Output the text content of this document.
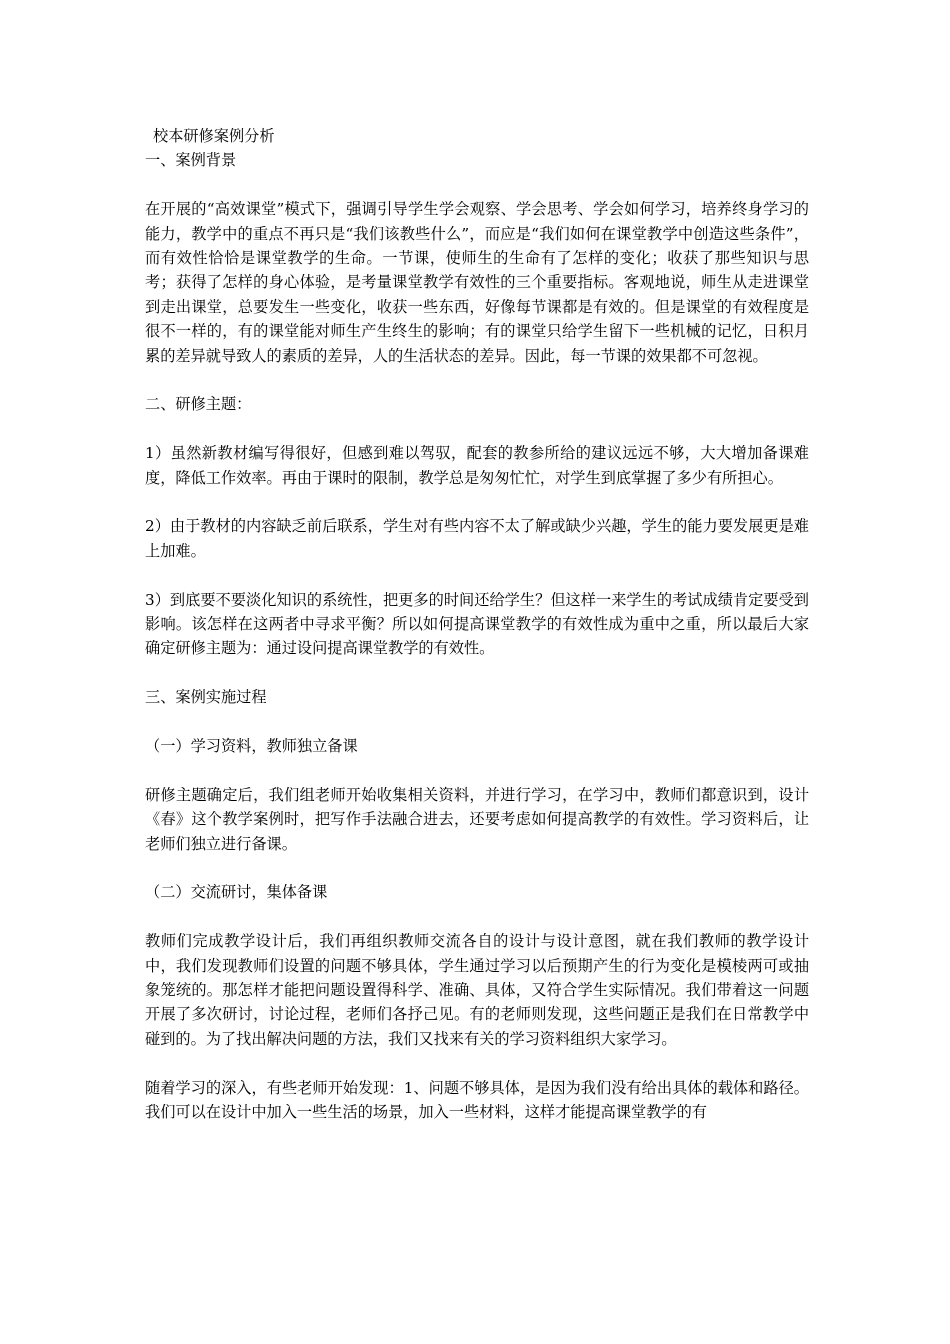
校本研修案例分析

一、案例背景

在开展的“高效课堂”模式下，强调引导学生学会观察、学会思考、学会如何学习，培养终身学习的能力，教学中的重点不再只是“我们该教些什么”，而应是“我们如何在课堂教学中创造这些条件”，而有效性恰恰是课堂教学的生命。一节课，使师生的生命有了怎样的变化；收获了那些知识与思考；获得了怎样的身心体验，是考量课堂教学有效性的三个重要指标。客观地说，师生从走进课堂到走出课堂，总要发生一些变化，收获一些东西，好像每节课都是有效的。但是课堂的有效程度是很不一样的，有的课堂能对师生产生终生的影响；有的课堂只给学生留下一些机械的记忆，日积月累的差异就导致人的素质的差异，人的生活状态的差异。因此，每一节课的效果都不可忽视。

二、研修主题：

1）虽然新教材编写得很好，但感到难以驾驭，配套的教参所给的建议远远不够，大大增加备课难度，降低工作效率。再由于课时的限制，教学总是匆匆忙忙，对学生到底掌握了多少有所担心。

2）由于教材的内容缺乏前后联系，学生对有些内容不太了解或缺少兴趣，学生的能力要发展更是难上加难。

3）到底要不要淡化知识的系统性，把更多的时间还给学生？但这样一来学生的考试成绩肯定要受到影响。该怎样在这两者中寻求平衡？所以如何提高课堂教学的有效性成为重中之重，所以最后大家确定研修主题为：通过设问提高课堂教学的有效性。

三、案例实施过程

（一）学习资料，教师独立备课

研修主题确定后，我们组老师开始收集相关资料，并进行学习，在学习中，教师们都意识到，设计《春》这个教学案例时，把写作手法融合进去，还要考虑如何提高教学的有效性。学习资料后，让老师们独立进行备课。

（二）交流研讨，集体备课

教师们完成教学设计后，我们再组织教师交流各自的设计与设计意图，就在我们教师的教学设计中，我们发现教师们设置的问题不够具体，学生通过学习以后预期产生的行为变化是模棱两可或抽象笼统的。那怎样才能把问题设置得科学、准确、具体，又符合学生实际情况。我们带着这一问题开展了多次研讨，讨论过程，老师们各抒己见。有的老师则发现，这些问题正是我们在日常教学中碰到的。为了找出解决问题的方法，我们又找来有关的学习资料组织大家学习。

随着学习的深入，有些老师开始发现：1、问题不够具体，是因为我们没有给出具体的载体和路径。我们可以在设计中加入一些生活的场景，加入一些材料，这样才能提高课堂教学的有
